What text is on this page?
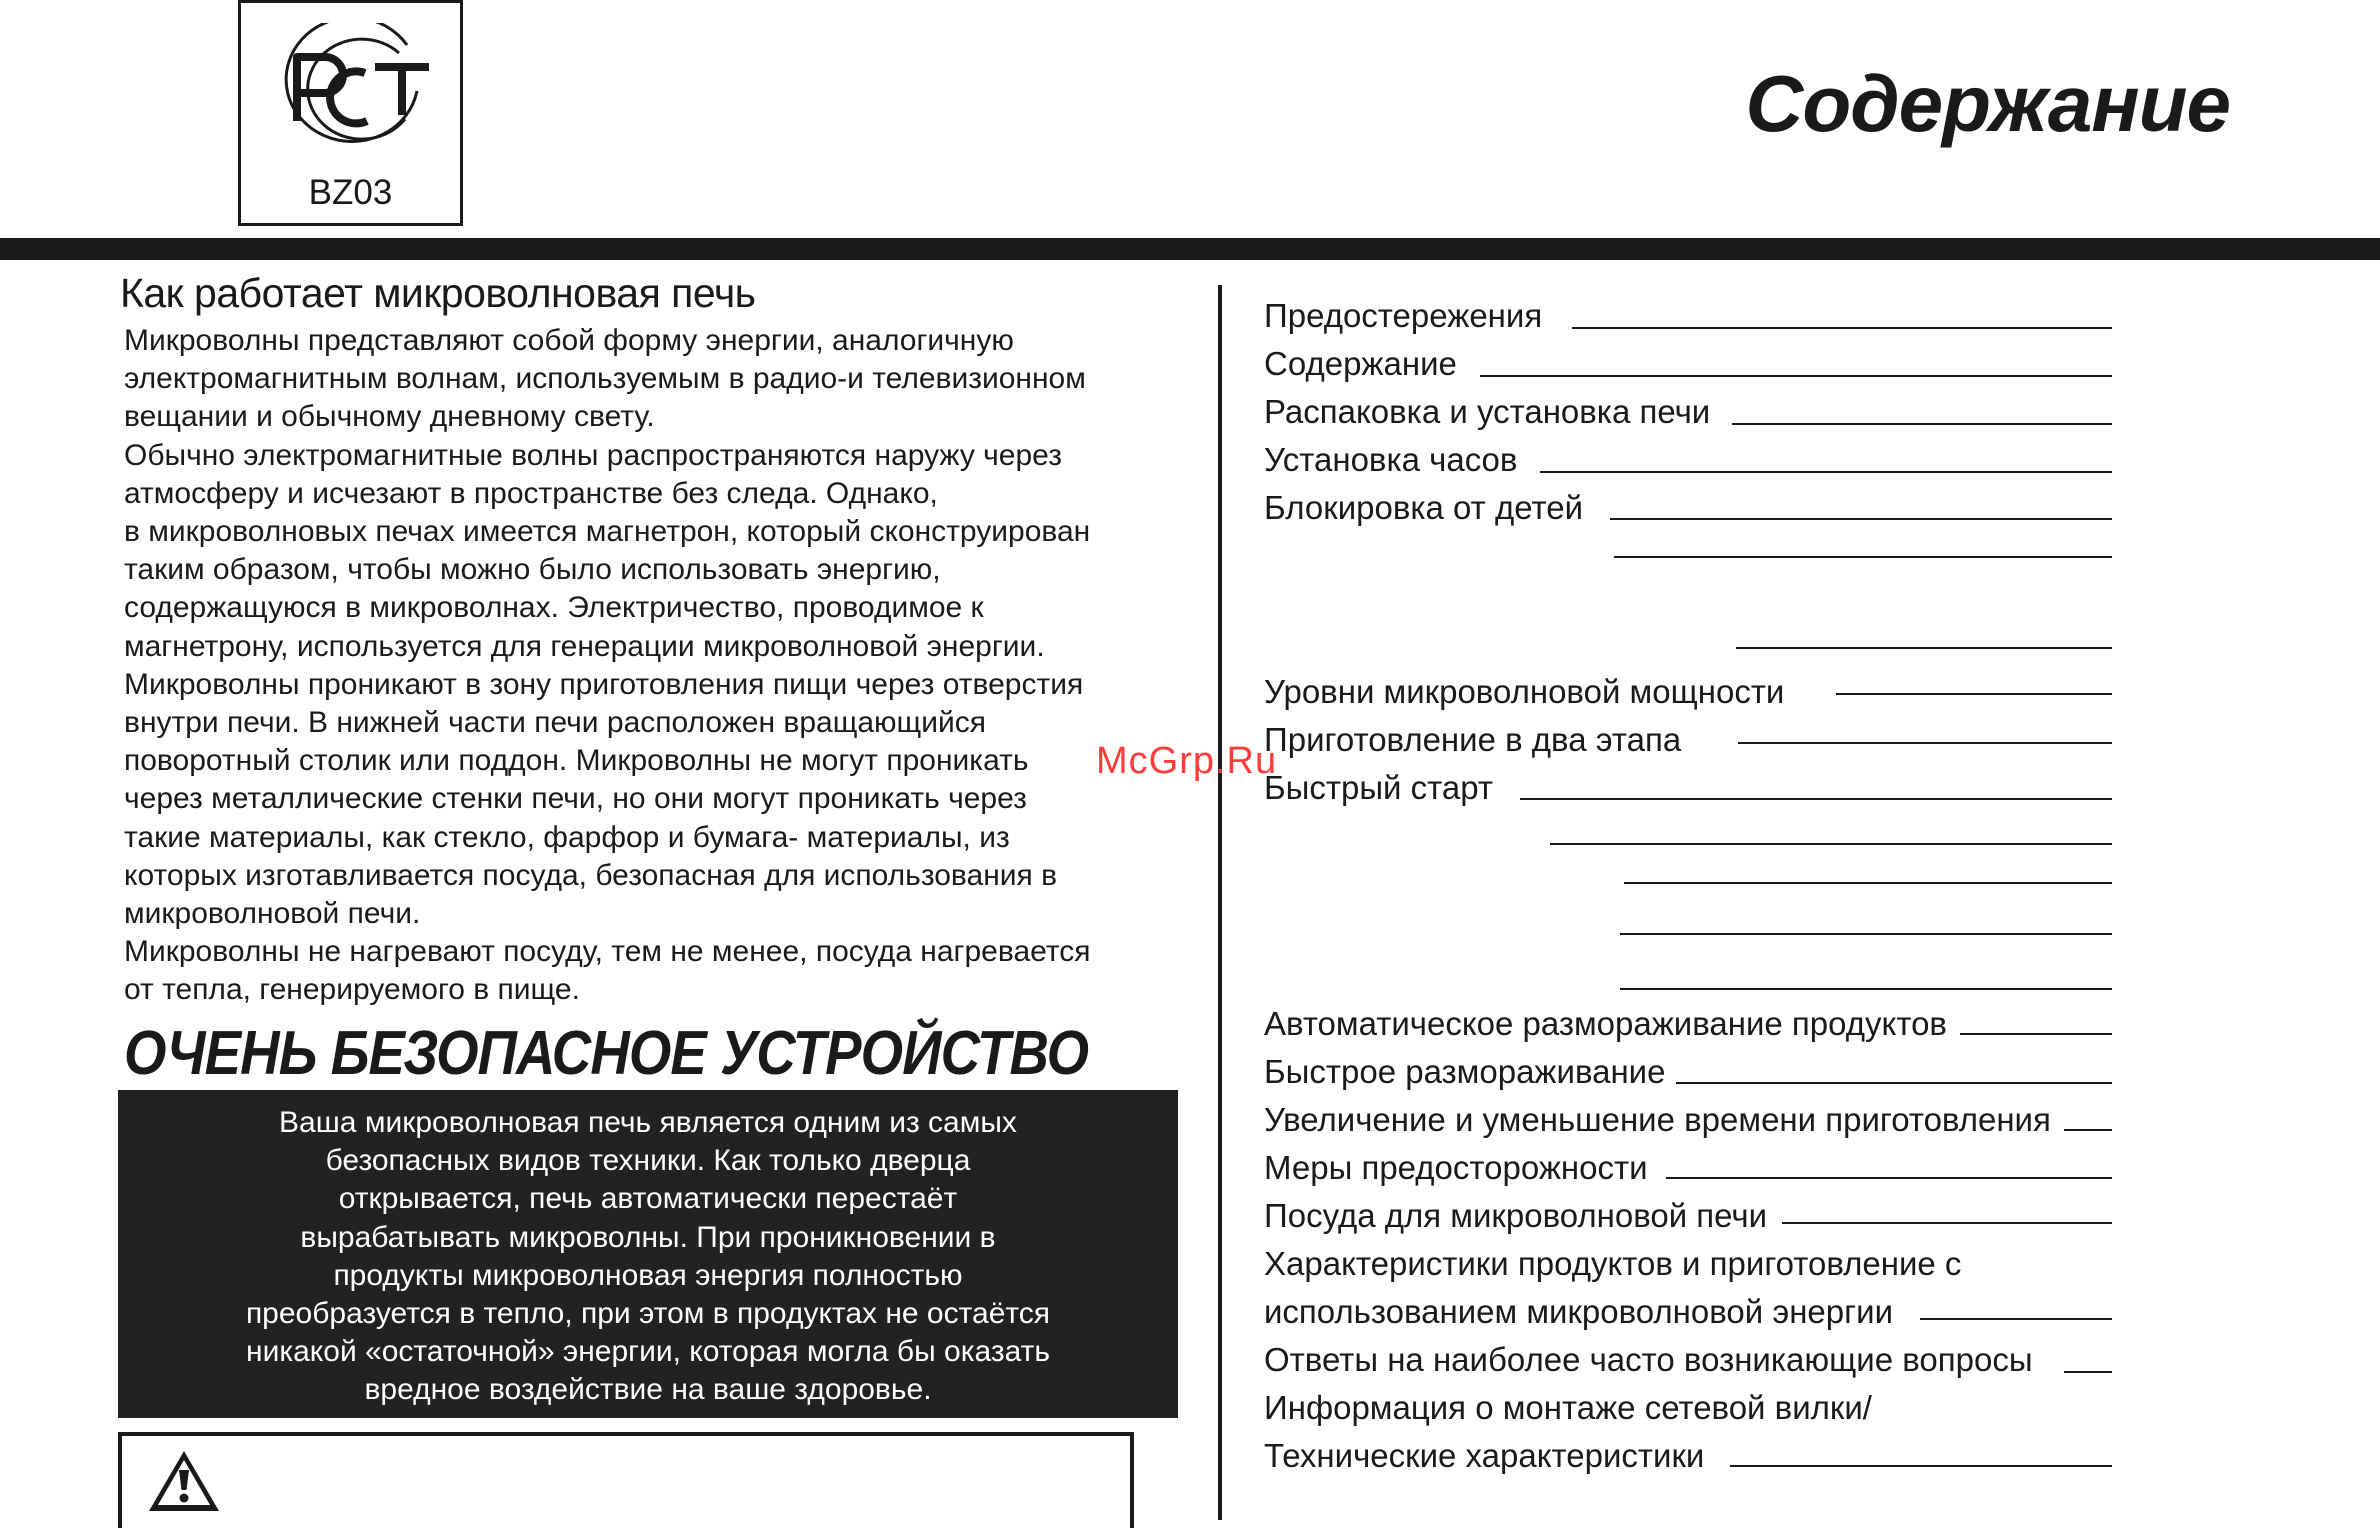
BZ03
Содержание
Как работает микроволновая печь

Микроволны представляют собой форму энергии, аналогичную

электромагнитным волнам, используемым в радио-и телевизионном

вещании и обычному дневному свету.

Обычно электромагнитные волны распространяются наружу через

атмосферу и исчезают в пространстве без следа. Однако,

в микроволновых печах имеется магнетрон, который сконструирован

таким образом, чтобы можно было использовать энергию,

содержащуюся в микроволнах. Электричество, проводимое к

магнетрону, используется для генерации микроволновой энергии.

Микроволны проникают в зону приготовления пищи через отверстия

внутри печи. В нижней части печи расположен вращающийся

поворотный столик или поддон. Микроволны не могут проникать

через металлические стенки печи, но они могут проникать через

такие материалы, как стекло, фарфор и бумага- материалы, из

которых изготавливается посуда, безопасная для использования в

микроволновой печи.

Микроволны не нагревают посуду, тем не менее, посуда нагревается

от тепла, генерируемого в пище.

ОЧЕНЬ БЕЗОПАСНОЕ УСТРОЙСТВО

Ваша микроволновая печь является одним из самых

безопасных видов техники. Как только дверца

открывается, печь автоматически перестаёт

вырабатывать микроволны. При проникновении в

продукты микроволновая энергия полностью

преобразуется в тепло, при этом в продуктах не остаётся

никакой «остаточной» энергии, которая могла бы оказать

вредное воздействие на ваше здоровье.

McGrp.Ru
Предостережения
Содержание
Распаковка и установка печи
Установка часов
Блокировка от детей
Уровни микроволновой мощности
Приготовление в два этапа
Быстрый старт
Автоматическое размораживание продуктов
Быстрое размораживание
Увеличение и уменьшение времени приготовления
Меры предосторожности
Посуда для микроволновой печи
Характеристики продуктов и приготовление с
использованием микроволновой энергии
Ответы на наиболее часто возникающие вопросы
Информация о монтаже сетевой вилки/
Технические характеристики
